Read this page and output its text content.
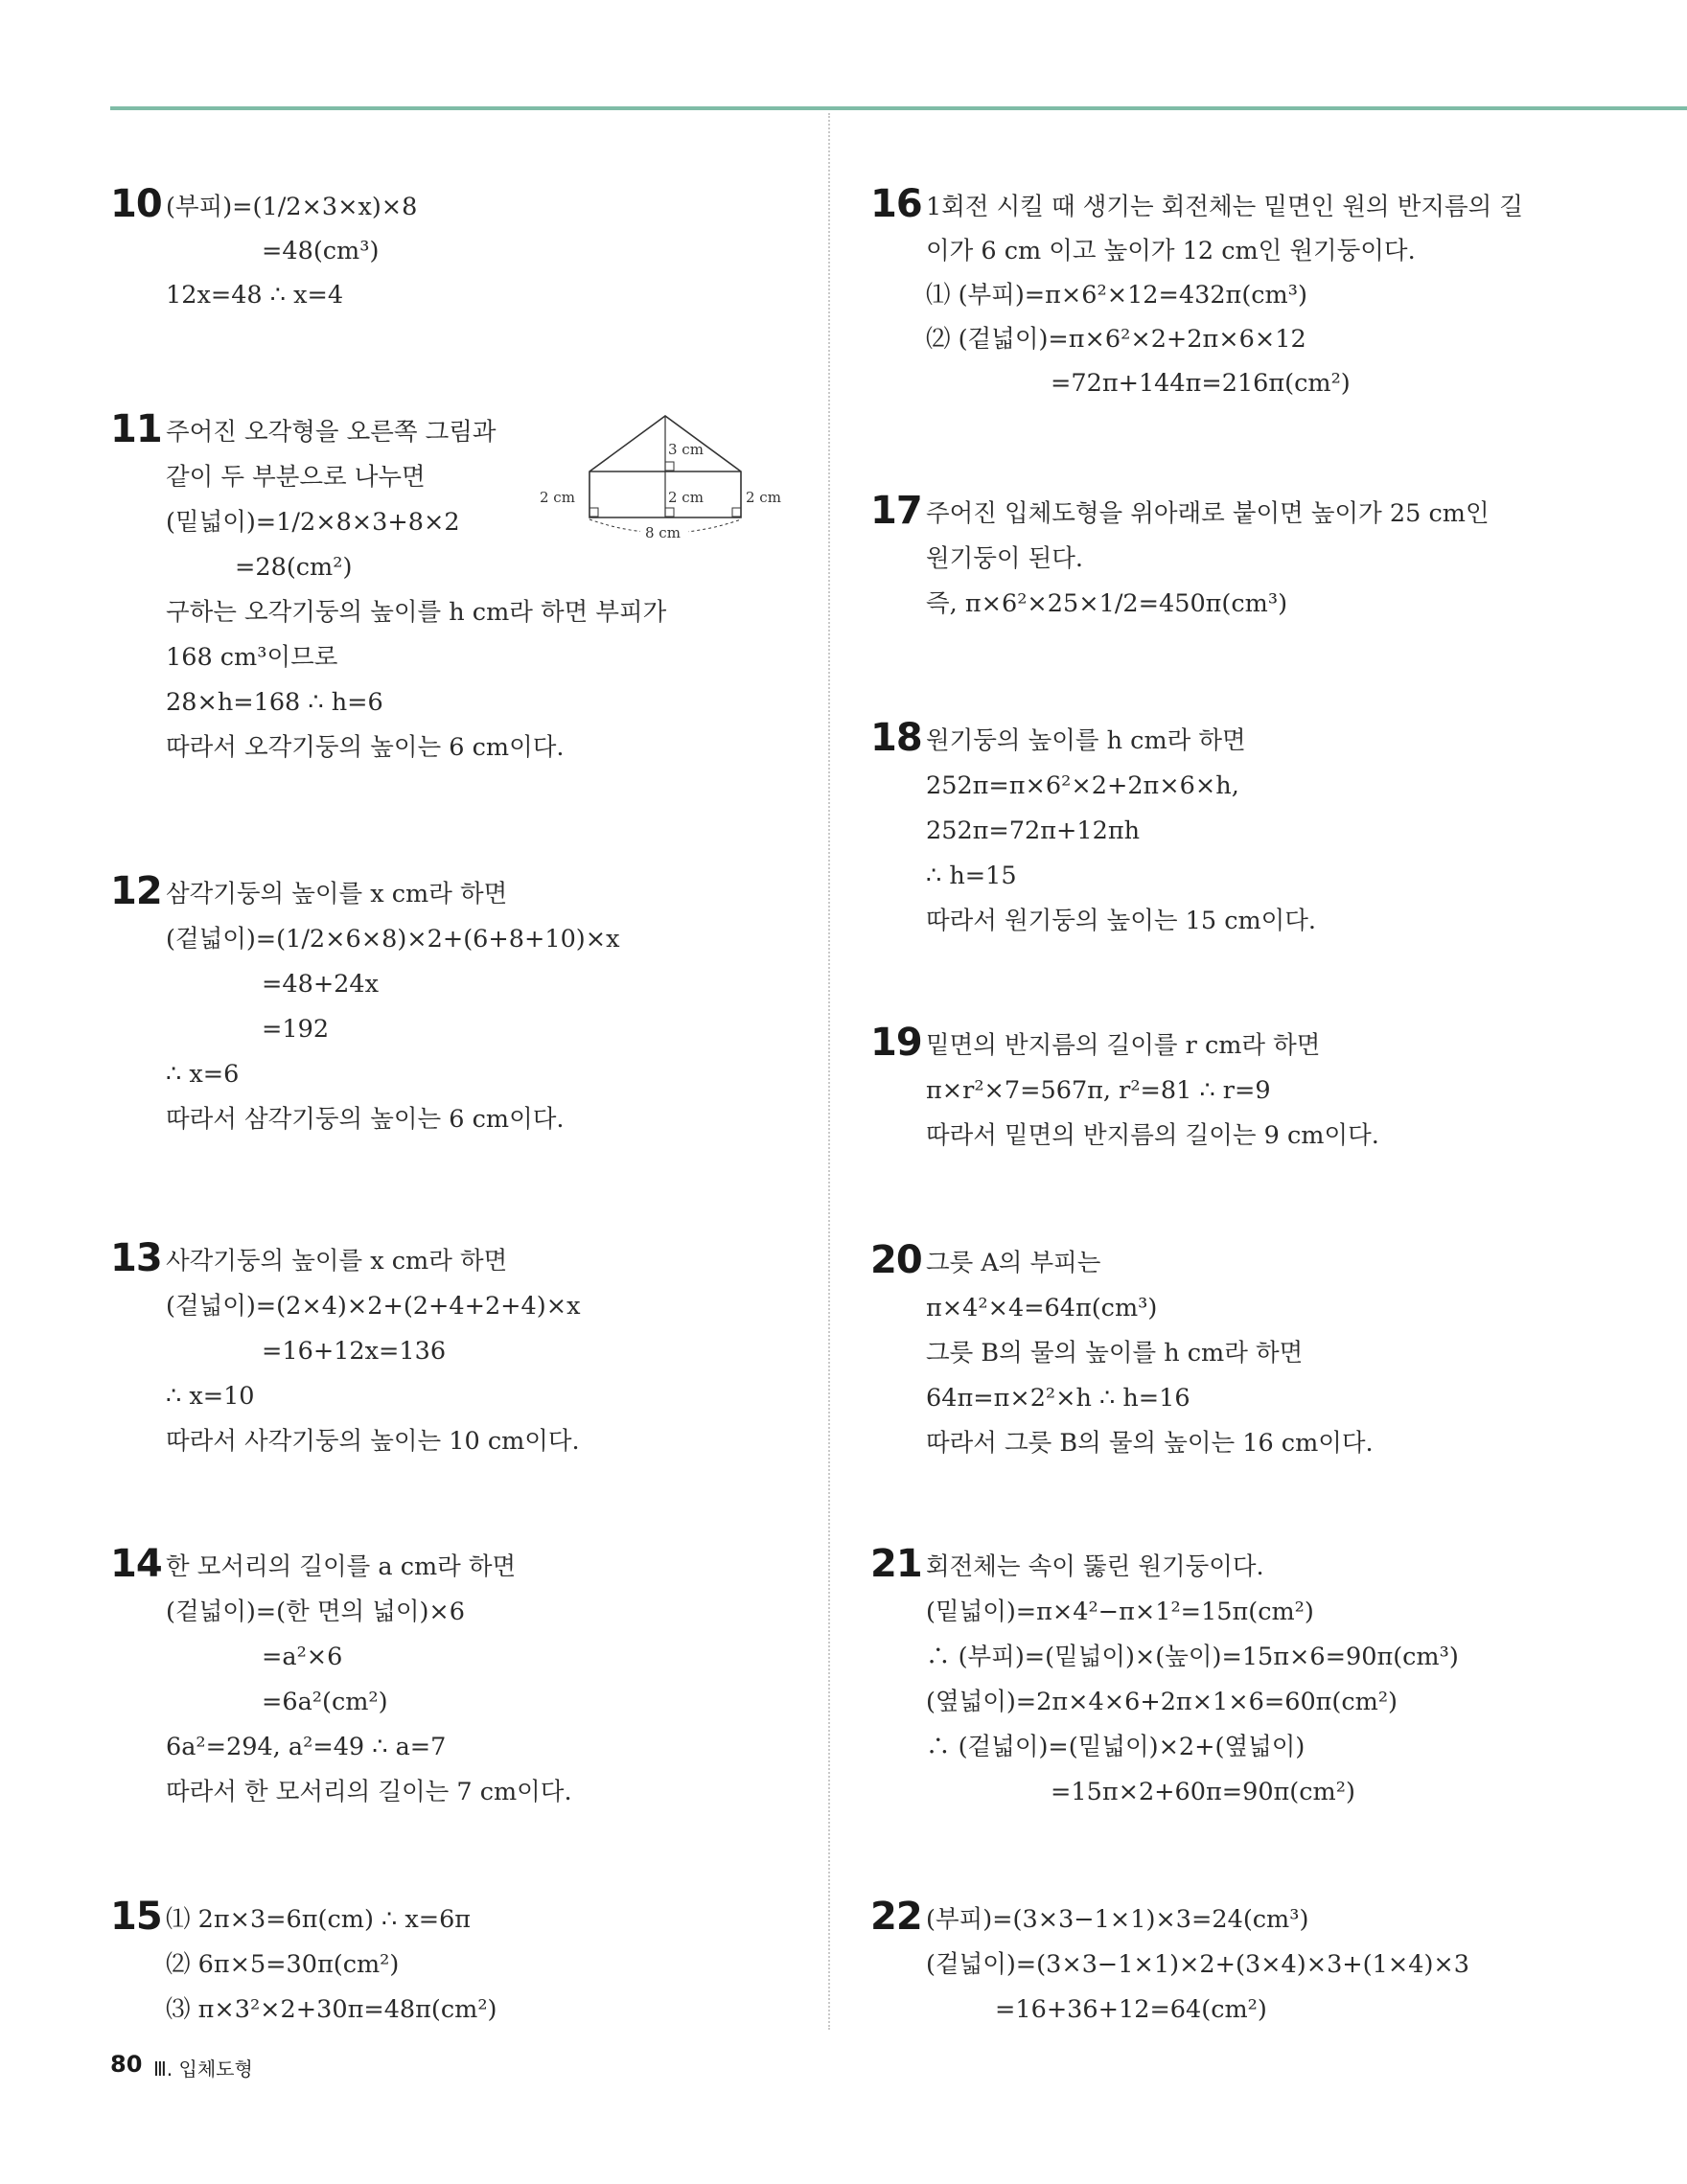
10 (부피)=(1/2×3×x)×8
=48(cm³)
12x=48 ∴ x=4
11 주어진 오각형을 오른쪽 그림과
같이 두 부분으로 나누면
(밑넓이)=1/2×8×3+8×2
=28(cm²)
구하는 오각기둥의 높이를 h cm라 하면 부피가
168 cm³이므로
28×h=168 ∴ h=6
따라서 오각기둥의 높이는 6 cm이다.
12 삼각기둥의 높이를 x cm라 하면
(겉넓이)=(1/2×6×8)×2+(6+8+10)×x
=48+24x
=192
∴ x=6
따라서 삼각기둥의 높이는 6 cm이다.
13 사각기둥의 높이를 x cm라 하면
(겉넓이)=(2×4)×2+(2+4+2+4)×x
=16+12x=136
∴ x=10
따라서 사각기둥의 높이는 10 cm이다.
14 한 모서리의 길이를 a cm라 하면
(겉넓이)=(한 면의 넓이)×6
=a²×6
=6a²(cm²)
6a²=294, a²=49 ∴ a=7
따라서 한 모서리의 길이는 7 cm이다.
15 ⑴ 2π×3=6π(cm) ∴ x=6π
⑵ 6π×5=30π(cm²)
⑶ π×3²×2+30π=48π(cm²)
16 1회전 시킬 때 생기는 회전체는 밑면인 원의 반지름의 길
이가 6 cm 이고 높이가 12 cm인 원기둥이다.
⑴ (부피)=π×6²×12=432π(cm³)
⑵ (겉넓이)=π×6²×2+2π×6×12
=72π+144π=216π(cm²)
17 주어진 입체도형을 위아래로 붙이면 높이가 25 cm인
원기둥이 된다.
즉, π×6²×25×1/2=450π(cm³)
18 원기둥의 높이를 h cm라 하면
252π=π×6²×2+2π×6×h,
252π=72π+12πh
∴ h=15
따라서 원기둥의 높이는 15 cm이다.
19 밑면의 반지름의 길이를 r cm라 하면
π×r²×7=567π, r²=81 ∴ r=9
따라서 밑면의 반지름의 길이는 9 cm이다.
20 그릇 A의 부피는
π×4²×4=64π(cm³)
그릇 B의 물의 높이를 h cm라 하면
64π=π×2²×h ∴ h=16
따라서 그릇 B의 물의 높이는 16 cm이다.
21 회전체는 속이 뚫린 원기둥이다.
(밑넓이)=π×4²−π×1²=15π(cm²)
∴ (부피)=(밑넓이)×(높이)=15π×6=90π(cm³)
(옆넓이)=2π×4×6+2π×1×6=60π(cm²)
∴ (겉넓이)=(밑넓이)×2+(옆넓이)
=15π×2+60π=90π(cm²)
22 (부피)=(3×3−1×1)×3=24(cm³)
(겉넓이)=(3×3−1×1)×2+(3×4)×3+(1×4)×3
=16+36+12=64(cm²)
3 cm
2 cm	2 cm	2 cm
8 cm
80 Ⅲ. 입체도형
